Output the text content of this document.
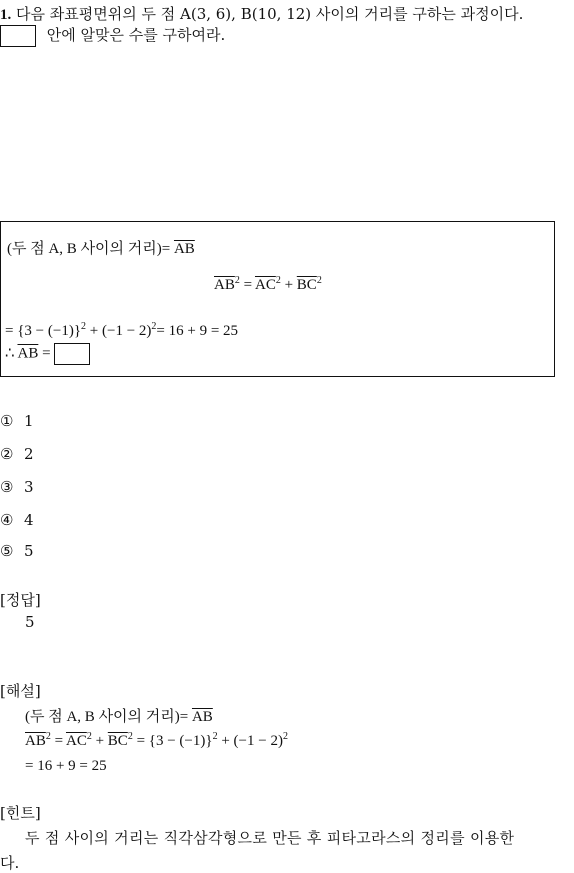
1. 다음 좌표평면위의 두 점 A(3, 6), B(10, 12) 사이의 거리를 구하는 과정이다.
안에 알맞은 수를 구하여라.
(두 점 A, B 사이의 거리)= $\overline{AB}$
$\overline{AB}^2 = \overline{AC}^2 + \overline{BC}^2$
= $\{3 - (-1)\}^2 + (-1 - 2)^2= 16 + 9 = 25$
∴ $\overline{AB}$ =
① 1
② 2
③ 3
④ 4
⑤ 5
[정답]
5
[해설]
(두 점 A, B 사이의 거리)= $\overline{AB}$
$\overline{AB}^2 = \overline{AC}^2 + \overline{BC}^2 = \{3 - (-1)\}^2 + (-1 - 2)^2$
= 16 + 9 = 25
[힌트]
두 점 사이의 거리는 직각삼각형으로 만든 후 피타고라스의 정리를 이용한
다.
